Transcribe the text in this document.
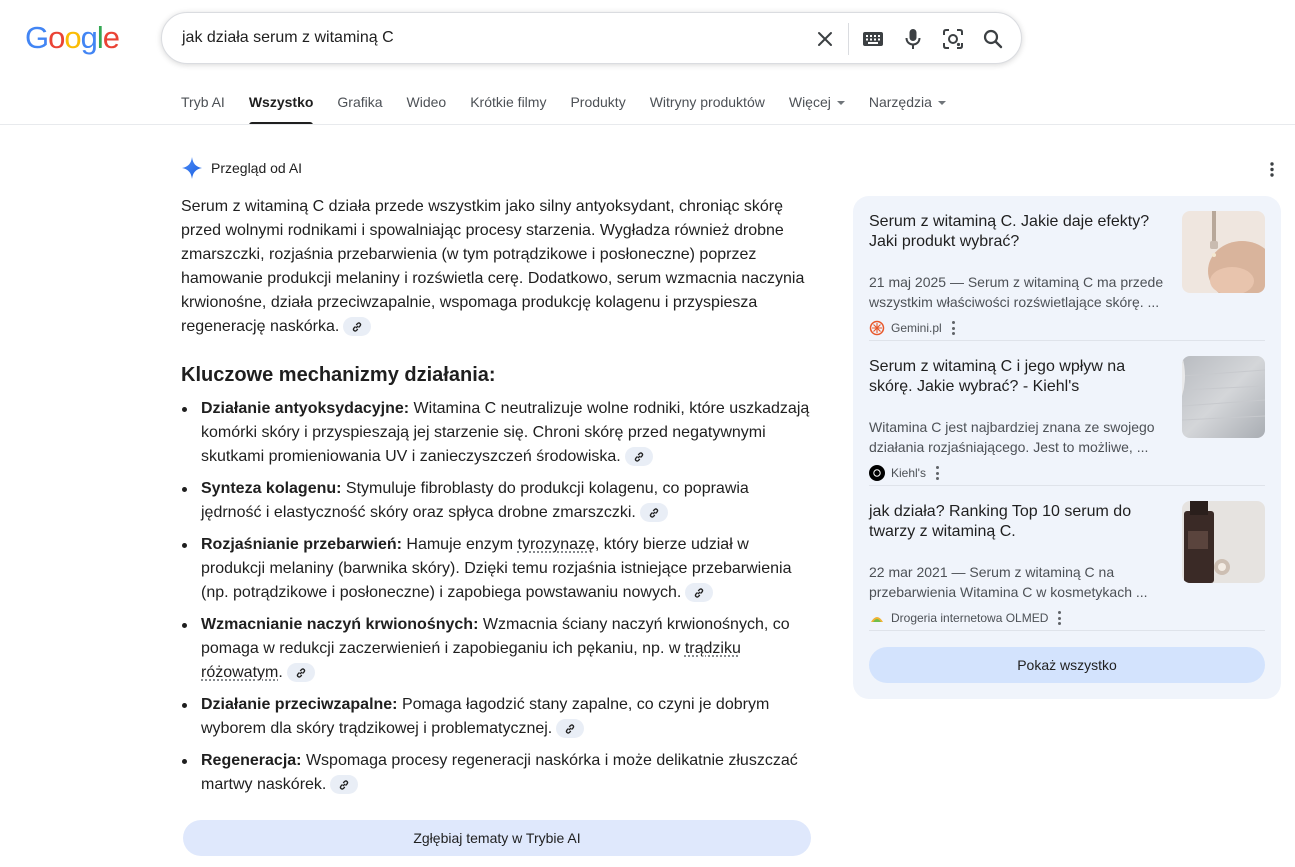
Google	jak działa serum z witaminą C
Tryb AI Wszystko Grafika Wideo Krótkie filmy Produkty Witryny produktów Więcej	Narzędzia
Przegląd od AI

Serum z witaminą C działa przede wszystkim jako silny antyoksydant, chroniąc skórę przed wolnymi rodnikami i spowalniając procesy starzenia. Wygładza również drobne zmarszczki, rozjaśnia przebarwienia (w tym potrądzikowe i posłoneczne) poprzez hamowanie produkcji melaniny i rozświetla cerę. Dodatkowo, serum wzmacnia naczynia krwionośne, działa przeciwzapalnie, wspomaga produkcję kolagenu i przyspiesza regenerację naskórka.

Kluczowe mechanizmy działania:
Działanie antyoksydacyjne: Witamina C neutralizuje wolne rodniki, które uszkadzają komórki skóry i przyspieszają jej starzenie się. Chroni skórę przed negatywnymi skutkami promieniowania UV i zanieczyszczeń środowiska.
Synteza kolagenu: Stymuluje fibroblasty do produkcji kolagenu, co poprawia jędrność i elastyczność skóry oraz spłyca drobne zmarszczki.
Rozjaśnianie przebarwień: Hamuje enzym tyrozynazę, który bierze udział w produkcji melaniny (barwnika skóry). Dzięki temu rozjaśnia istniejące przebarwienia (np. potrądzikowe i posłoneczne) i zapobiega powstawaniu nowych.
Wzmacnianie naczyń krwionośnych: Wzmacnia ściany naczyń krwionośnych, co pomaga w redukcji zaczerwienień i zapobieganiu ich pękaniu, np. w trądziku różowatym.
Działanie przeciwzapalne: Pomaga łagodzić stany zapalne, co czyni je dobrym wyborem dla skóry trądzikowej i problematycznej.
Regeneracja: Wspomaga procesy regeneracji naskórka i może delikatnie złuszczać martwy naskórek.
Zgłębiaj tematy w Trybie AI
Serum z witaminą C. Jakie daje efekty? Jaki produkt wybrać?
21 maj 2025 — Serum z witaminą C ma przede
wszystkim właściwości rozświetlające skórę. ...
Gemini.pl
Serum z witaminą C i jego wpływ na skórę. Jakie wybrać? - Kiehl's
Witamina C jest najbardziej znana ze swojego
działania rozjaśniającego. Jest to możliwe, ...
Kiehl's
jak działa? Ranking Top 10 serum do twarzy z witaminą C.
22 mar 2021 — Serum z witaminą C na
przebarwienia Witamina C w kosmetykach ...
Drogeria internetowa OLMED
Pokaż wszystko
